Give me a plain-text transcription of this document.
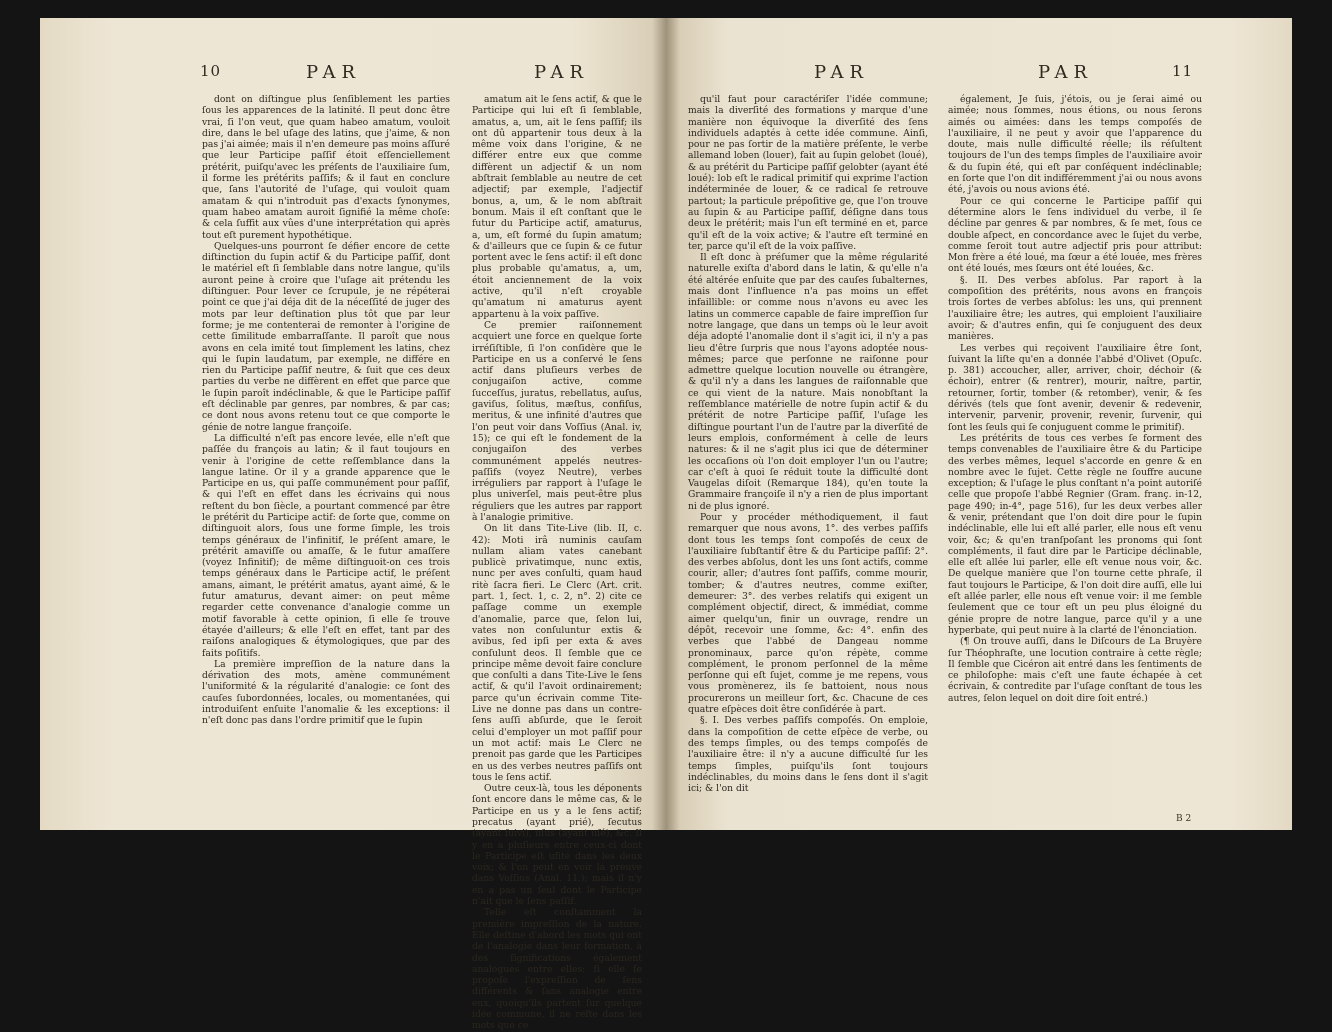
10	PAR	PAR

dont on diſtingue plus ſenſiblement les parties ſous les apparences de la latinité. Il peut donc être vrai, ſi l'on veut, que quam habeo amatum, vouloit dire, dans le bel uſage des latins, que j'aime, & non pas j'ai aimée; mais il n'en demeure pas moins aſſuré que leur Participe paſſif étoit eſſenciellement prétérit, puiſqu'avec les préſents de l'auxiliaire ſum, il forme les prétérits paſſifs; & il faut en conclure que, ſans l'autorité de l'uſage, qui vouloit quam amatam & qui n'introduit pas d'exacts ſynonymes, quam habeo amatam auroit ſignifié la même choſe: & cela ſuffit aux vûes d'une interprétation qui après tout eſt purement hypothétique.

Quelques-uns pourront ſe défier encore de cette diſtinction du ſupin actif & du Participe paſſif, dont le matériel eſt ſi ſemblable dans notre langue, qu'ils auront peine à croire que l'uſage ait prétendu les diſtinguer. Pour lever ce ſcrupule, je ne répéterai point ce que j'ai déja dit de la néceſſité de juger des mots par leur deſtination plus tôt que par leur forme; je me contenterai de remonter à l'origine de cette ſimilitude embarraſſante. Il paroît que nous avons en cela imité tout ſimplement les latins, chez qui le ſupin laudatum, par exemple, ne différe en rien du Participe paſſif neutre, & ſuit que ces deux parties du verbe ne diffèrent en effet que parce que le ſupin paroît indéclinable, & que le Participe paſſif eſt déclinable par genres, par nombres, & par cas; ce dont nous avons retenu tout ce que comporte le génie de notre langue françoiſe.

La difficulté n'eſt pas encore levée, elle n'eſt que paſſée du françois au latin; & il faut toujours en venir à l'origine de cette reſſemblance dans la langue latine. Or il y a grande apparence que le Participe en us, qui paſſe communément pour paſſif, & qui l'eſt en effet dans les écrivains qui nous reſtent du bon ſiècle, a pourtant commencé par être le prétérit du Participe actif: de ſorte que, comme on diſtinguoit alors, ſous une forme ſimple, les trois temps généraux de l'infinitif, le préſent amare, le prétérit amaviſſe ou amaſſe, & le futur amaſſere (voyez Infinitif); de même diſtinguoit-on ces trois temps généraux dans le Participe actif, le préſent amans, aimant, le prétérit amatus, ayant aimé, & le futur amaturus, devant aimer: on peut même regarder cette convenance d'analogie comme un motif favorable à cette opinion, ſi elle ſe trouve étayée d'ailleurs; & elle l'eſt en effet, tant par des raiſons analogiques & étymologiques, que par des faits poſitifs.

La première impreſſion de la nature dans la dérivation des mots, amène communément l'uniformité & la régularité d'analogie: ce ſont des cauſes ſubordonnées, locales, ou momentanées, qui introduiſent enſuite l'anomalie & les exceptions: il n'eſt donc pas dans l'ordre primitif que le ſupin

amatum ait le ſens actif, & que le Participe qui lui eſt ſi ſemblable, amatus, a, um, ait le ſens paſſif; ils ont dû appartenir tous deux à la même voix dans l'origine, & ne différer entre eux que comme diffèrent un adjectif & un nom abſtrait ſemblable au neutre de cet adjectif; par exemple, l'adjectif bonus, a, um, & le nom abſtrait bonum. Mais il eſt conſtant que le futur du Participe actif, amaturus, a, um, eſt formé du ſupin amatum; & d'ailleurs que ce ſupin & ce futur portent avec le ſens actif: il eſt donc plus probable qu'amatus, a, um, étoit anciennement de la voix active, qu'il n'eſt croyable qu'amatum ni amaturus ayent appartenu à la voix paſſive.

Ce premier raiſonnement acquiert une force en quelque ſorte irréſiſtible, ſi l'on conſidère que le Participe en us a conſervé le ſens actif dans pluſieurs verbes de conjugaiſon active, comme ſucceſſus, juratus, rebellatus, auſus, gaviſus, ſolitus, mæſtus, confiſus, meritus, & une infinité d'autres que l'on peut voir dans Voſſius (Anal. iv, 15); ce qui eſt le fondement de la conjugaiſon des verbes communément appelés neutres-paſſifs (voyez Neutre), verbes irréguliers par rapport à l'uſage le plus univerſel, mais peut-être plus réguliers que les autres par rapport à l'analogie primitive.

On lit dans Tite-Live (lib. II, c. 42): Moti irâ numinis cauſam nullam aliam vates canebant publicè privatimque, nunc extis, nunc per aves conſulti, quam haud ritè ſacra fieri. Le Clerc (Art. crit. part. 1, ſect. 1, c. 2, n°. 2) cite ce paſſage comme un exemple d'anomalie, parce que, ſelon lui, vates non conſuluntur extis & avibus, ſed ipſi per exta & aves conſulunt deos. Il ſemble que ce principe même devoit faire conclure que conſulti a dans Tite-Live le ſens actif, & qu'il l'avoit ordinairement; parce qu'un écrivain comme Tite-Live ne donne pas dans un contre-ſens auſſi abſurde, que le ſeroit celui d'employer un mot paſſif pour un mot actif: mais Le Clerc ne prenoit pas garde que les Participes en us des verbes neutres paſſifs ont tous le ſens actif.

Outre ceux-là, tous les déponents ſont encore dans le même cas, & le Participe en us y a le ſens actif; precatus (ayant prié), ſecutus (ayant ſuivi), uſus (ayant uſé), &c. Il y en a pluſieurs entre ceux-ci dont le Participe eſt uſité dans les deux voix; & l'on peut en voir la preuve dans Voſſius (Anal. 11.); mais il n'y en a pas un ſeul dont le Participe n'ait que le ſens paſſif.

Telle eſt conſtamment la première impreſſion de la nature. Elle deſtine d'abord les mots qui ont de l'analogie dans leur formation, à des ſignifications également analogues entre elles: ſi elle ſe propoſe l'expreſſion de ſens différents & ſans analogie entre eux, quoiqu'ils partent ſur quelque idée commune, il ne reſte dans les mots que ce

PAR	PAR	11

qu'il faut pour caractériſer l'idée commune; mais la diverſité des formations y marque d'une manière non équivoque la diverſité des ſens individuels adaptés à cette idée commune. Ainſi, pour ne pas ſortir de la matière préſente, le verbe allemand loben (louer), fait au ſupin gelobet (loué), & au prétérit du Participe paſſif gelobter (ayant été loué): lob eſt le radical primitif qui exprime l'action indéterminée de louer, & ce radical ſe retrouve partout; la particule prépoſitive ge, que l'on trouve au ſupin & au Participe paſſif, déſigne dans tous deux le prétérit; mais l'un eſt terminé en et, parce qu'il eſt de la voix active; & l'autre eſt terminé en ter, parce qu'il eſt de la voix paſſive.

Il eſt donc à préſumer que la même régularité naturelle exiſta d'abord dans le latin, & qu'elle n'a été altérée enſuite que par des cauſes ſubalternes, mais dont l'influence n'a pas moins un effet infaillible: or comme nous n'avons eu avec les latins un commerce capable de faire impreſſion ſur notre langage, que dans un temps où le leur avoit déja adopté l'anomalie dont il s'agit ici, il n'y a pas lieu d'être ſurpris que nous l'ayons adoptée nous-mêmes; parce que perſonne ne raiſonne pour admettre quelque locution nouvelle ou étrangère, & qu'il n'y a dans les langues de raiſonnable que ce qui vient de la nature. Mais nonobſtant la reſſemblance matérielle de notre ſupin actif & du prétérit de notre Participe paſſif, l'uſage les diſtingue pourtant l'un de l'autre par la diverſité de leurs emplois, conformément à celle de leurs natures: & il ne s'agit plus ici que de déterminer les occaſions où l'on doit employer l'un ou l'autre; car c'eſt à quoi ſe réduit toute la difficulté dont Vaugelas diſoit (Remarque 184), qu'en toute la Grammaire françoiſe il n'y a rien de plus important ni de plus ignoré.

Pour y procéder méthodiquement, il faut remarquer que nous avons, 1°. des verbes paſſifs dont tous les temps ſont compoſés de ceux de l'auxiliaire ſubſtantif être & du Participe paſſif: 2°. des verbes abſolus, dont les uns ſont actifs, comme courir, aller; d'autres ſont paſſifs, comme mourir, tomber; & d'autres neutres, comme exiſter, demeurer: 3°. des verbes relatifs qui exigent un complément objectif, direct, & immédiat, comme aimer quelqu'un, finir un ouvrage, rendre un dépôt, recevoir une ſomme, &c: 4°. enfin des verbes que l'abbé de Dangeau nomme pronominaux, parce qu'on répète, comme complément, le pronom perſonnel de la même perſonne qui eſt ſujet, comme je me repens, vous vous promènerez, ils ſe battoient, nous nous procurerons un meilleur ſort, &c. Chacune de ces quatre eſpèces doit être conſidérée à part.

§. I. Des verbes paſſifs compoſés. On emploie, dans la compoſition de cette eſpèce de verbe, ou des temps ſimples, ou des temps compoſés de l'auxiliaire être: il n'y a aucune difficulté ſur les temps ſimples, puiſqu'ils ſont toujours indéclinables, du moins dans le ſens dont il s'agit ici; & l'on dit

également, Je ſuis, j'étois, ou je ſerai aimé ou aimée; nous ſommes, nous étions, ou nous ſerons aimés ou aimées: dans les temps compoſés de l'auxiliaire, il ne peut y avoir que l'apparence du doute, mais nulle difficulté réelle; ils réſultent toujours de l'un des temps ſimples de l'auxiliaire avoir & du ſupin été, qui eſt par conſéquent indéclinable; en ſorte que l'on dit indifféremment j'ai ou nous avons été, j'avois ou nous avions été.

Pour ce qui concerne le Participe paſſif qui détermine alors le ſens individuel du verbe, il ſe décline par genres & par nombres, & ſe met, ſous ce double aſpect, en concordance avec le ſujet du verbe, comme ſeroit tout autre adjectif pris pour attribut: Mon frère a été loué, ma ſœur a été louée, mes frères ont été loués, mes ſœurs ont été louées, &c.

§. II. Des verbes abſolus. Par raport à la compoſition des prétérits, nous avons en françois trois ſortes de verbes abſolus: les uns, qui prennent l'auxiliaire être; les autres, qui emploient l'auxiliaire avoir; & d'autres enfin, qui ſe conjuguent des deux manières.

Les verbes qui reçoivent l'auxiliaire être ſont, ſuivant la liſte qu'en a donnée l'abbé d'Olivet (Opuſc. p. 381) accoucher, aller, arriver, choir, déchoir (& échoir), entrer (& rentrer), mourir, naître, partir, retourner, ſortir, tomber (& retomber), venir, & ſes dérivés (tels que ſont avenir, devenir & redevenir, intervenir, parvenir, provenir, revenir, ſurvenir, qui ſont les ſeuls qui ſe conjuguent comme le primitif).

Les prétérits de tous ces verbes ſe forment des temps convenables de l'auxiliaire être & du Participe des verbes mêmes, lequel s'accorde en genre & en nombre avec le ſujet. Cette règle ne ſouffre aucune exception; & l'uſage le plus conſtant n'a point autoriſé celle que propoſe l'abbé Regnier (Gram. franç. in-12, page 490; in-4°, page 516), ſur les deux verbes aller & venir, prétendant que l'on doit dire pour le ſupin indéclinable, elle lui eſt allé parler, elle nous eſt venu voir, &c; & qu'en tranſpoſant les pronoms qui ſont compléments, il faut dire par le Participe déclinable, elle eſt allée lui parler, elle eſt venue nous voir, &c. De quelque manière que l'on tourne cette phraſe, il faut toujours le Participe, & l'on doit dire auſſi, elle lui eſt allée parler, elle nous eſt venue voir: il me ſemble ſeulement que ce tour eſt un peu plus éloigné du génie propre de notre langue, parce qu'il y a une hyperbate, qui peut nuire à la clarté de l'énonciation.

(¶ On trouve auſſi, dans le Diſcours de La Bruyère ſur Théophraſte, une locution contraire à cette règle; Il ſemble que Cicéron ait entré dans les ſentiments de ce philoſophe: mais c'eſt une faute échapée à cet écrivain, & contredite par l'uſage conſtant de tous les autres, ſelon lequel on doit dire ſoit entré.)

B 2
